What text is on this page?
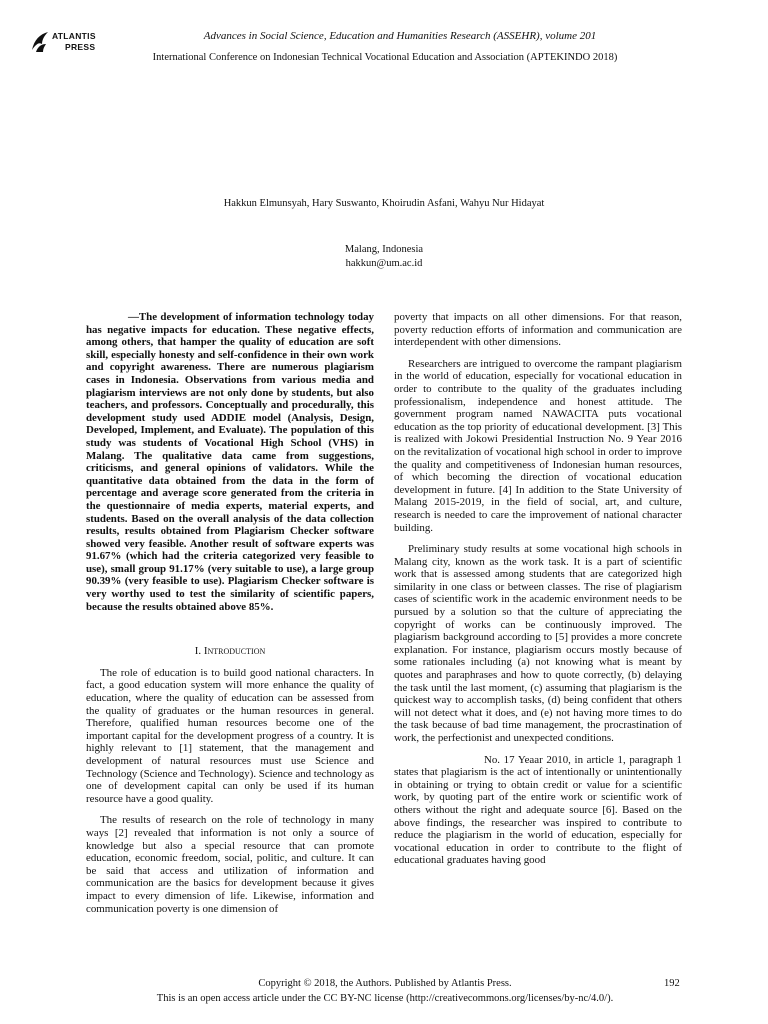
ATLANTIS
PRESS
Advances in Social Science, Education and Humanities Research (ASSEHR), volume 201
International Conference on Indonesian Technical Vocational Education and Association (APTEKINDO 2018)
Hakkun Elmunsyah, Hary Suswanto, Khoirudin Asfani, Wahyu Nur Hidayat
Malang, Indonesia
hakkun@um.ac.id

—The development of information technology today has negative impacts for education. These negative effects, among others, that hamper the quality of education are soft skill, especially honesty and self-confidence in their own work and copyright awareness. There are numerous plagiarism cases in Indonesia. Observations from various media and plagiarism interviews are not only done by students, but also teachers, and professors. Conceptually and procedurally, this development study used ADDIE model (Analysis, Design, Developed, Implement, and Evaluate). The population of this study was students of Vocational High School (VHS) in Malang. The qualitative data came from suggestions, criticisms, and general opinions of validators. While the quantitative data obtained from the data in the form of percentage and average score generated from the criteria in the questionnaire of media experts, material experts, and students. Based on the overall analysis of the data collection results, results obtained from Plagiarism Checker software showed very feasible. Another result of software experts was 91.67% (which had the criteria categorized very feasible to use), small group 91.17% (very suitable to use), a large group 90.39% (very feasible to use). Plagiarism Checker software is very worthy used to test the similarity of scientific papers, because the results obtained above 85%.

I. Introduction

The role of education is to build good national characters. In fact, a good education system will more enhance the quality of education, where the quality of education can be assessed from the quality of graduates or the human resources in general. Therefore, qualified human resources become one of the important capital for the development progress of a country. It is highly relevant to [1] statement, that the management and development of natural resources must use Science and Technology (Science and Technology). Science and technology as one of development capital can only be used if its human resource have a good quality.

The results of research on the role of technology in many ways [2] revealed that information is not only a source of knowledge but also a special resource that can promote education, economic freedom, social, politic, and culture. It can be said that access and utilization of information and communication are the basics for development because it gives impact to every dimension of life. Likewise, information and communication poverty is one dimension of

poverty that impacts on all other dimensions. For that reason, poverty reduction efforts of information and communication are interdependent with other dimensions.

Researchers are intrigued to overcome the rampant plagiarism in the world of education, especially for vocational education in order to contribute to the quality of the graduates including professionalism, independence and honest attitude. The government program named NAWACITA puts vocational education as the top priority of educational development. [3] This is realized with Jokowi Presidential Instruction No. 9 Year 2016 on the revitalization of vocational high school in order to improve the quality and competitiveness of Indonesian human resources, of which becoming the direction of vocational education development in future. [4] In addition to the State University of Malang 2015-2019, in the field of social, art, and culture, research is needed to care the improvement of national character building.

Preliminary study results at some vocational high schools in Malang city, known as the work task. It is a part of scientific work that is assessed among students that are categorized high similarity in one class or between classes. The rise of plagiarism cases of scientific work in the academic environment needs to be pursued by a solution so that the culture of appreciating the copyright of works can be continuously improved. The plagiarism background according to [5] provides a more concrete explanation. For instance, plagiarism occurs mostly because of some rationales including (a) not knowing what is meant by quotes and paraphrases and how to quote correctly, (b) delaying the task until the last moment, (c) assuming that plagiarism is the quickest way to accomplish tasks, (d) being confident that others will not detect what it does, and (e) not having more times to do the task because of bad time management, the procrastination of work, the perfectionist and unexpected conditions.

No. 17 Yeaar 2010, in article 1, paragraph 1 states that plagiarism is the act of intentionally or unintentionally in obtaining or trying to obtain credit or value for a scientific work, by quoting part of the entire work or scientific work of others without the right and adequate source [6]. Based on the above findings, the researcher was inspired to contribute to reduce the plagiarism in the world of education, especially for vocational education in order to contribute to the flight of educational graduates having good

Copyright © 2018, the Authors. Published by Atlantis Press.	192
This is an open access article under the CC BY-NC license (http://creativecommons.org/licenses/by-nc/4.0/).
